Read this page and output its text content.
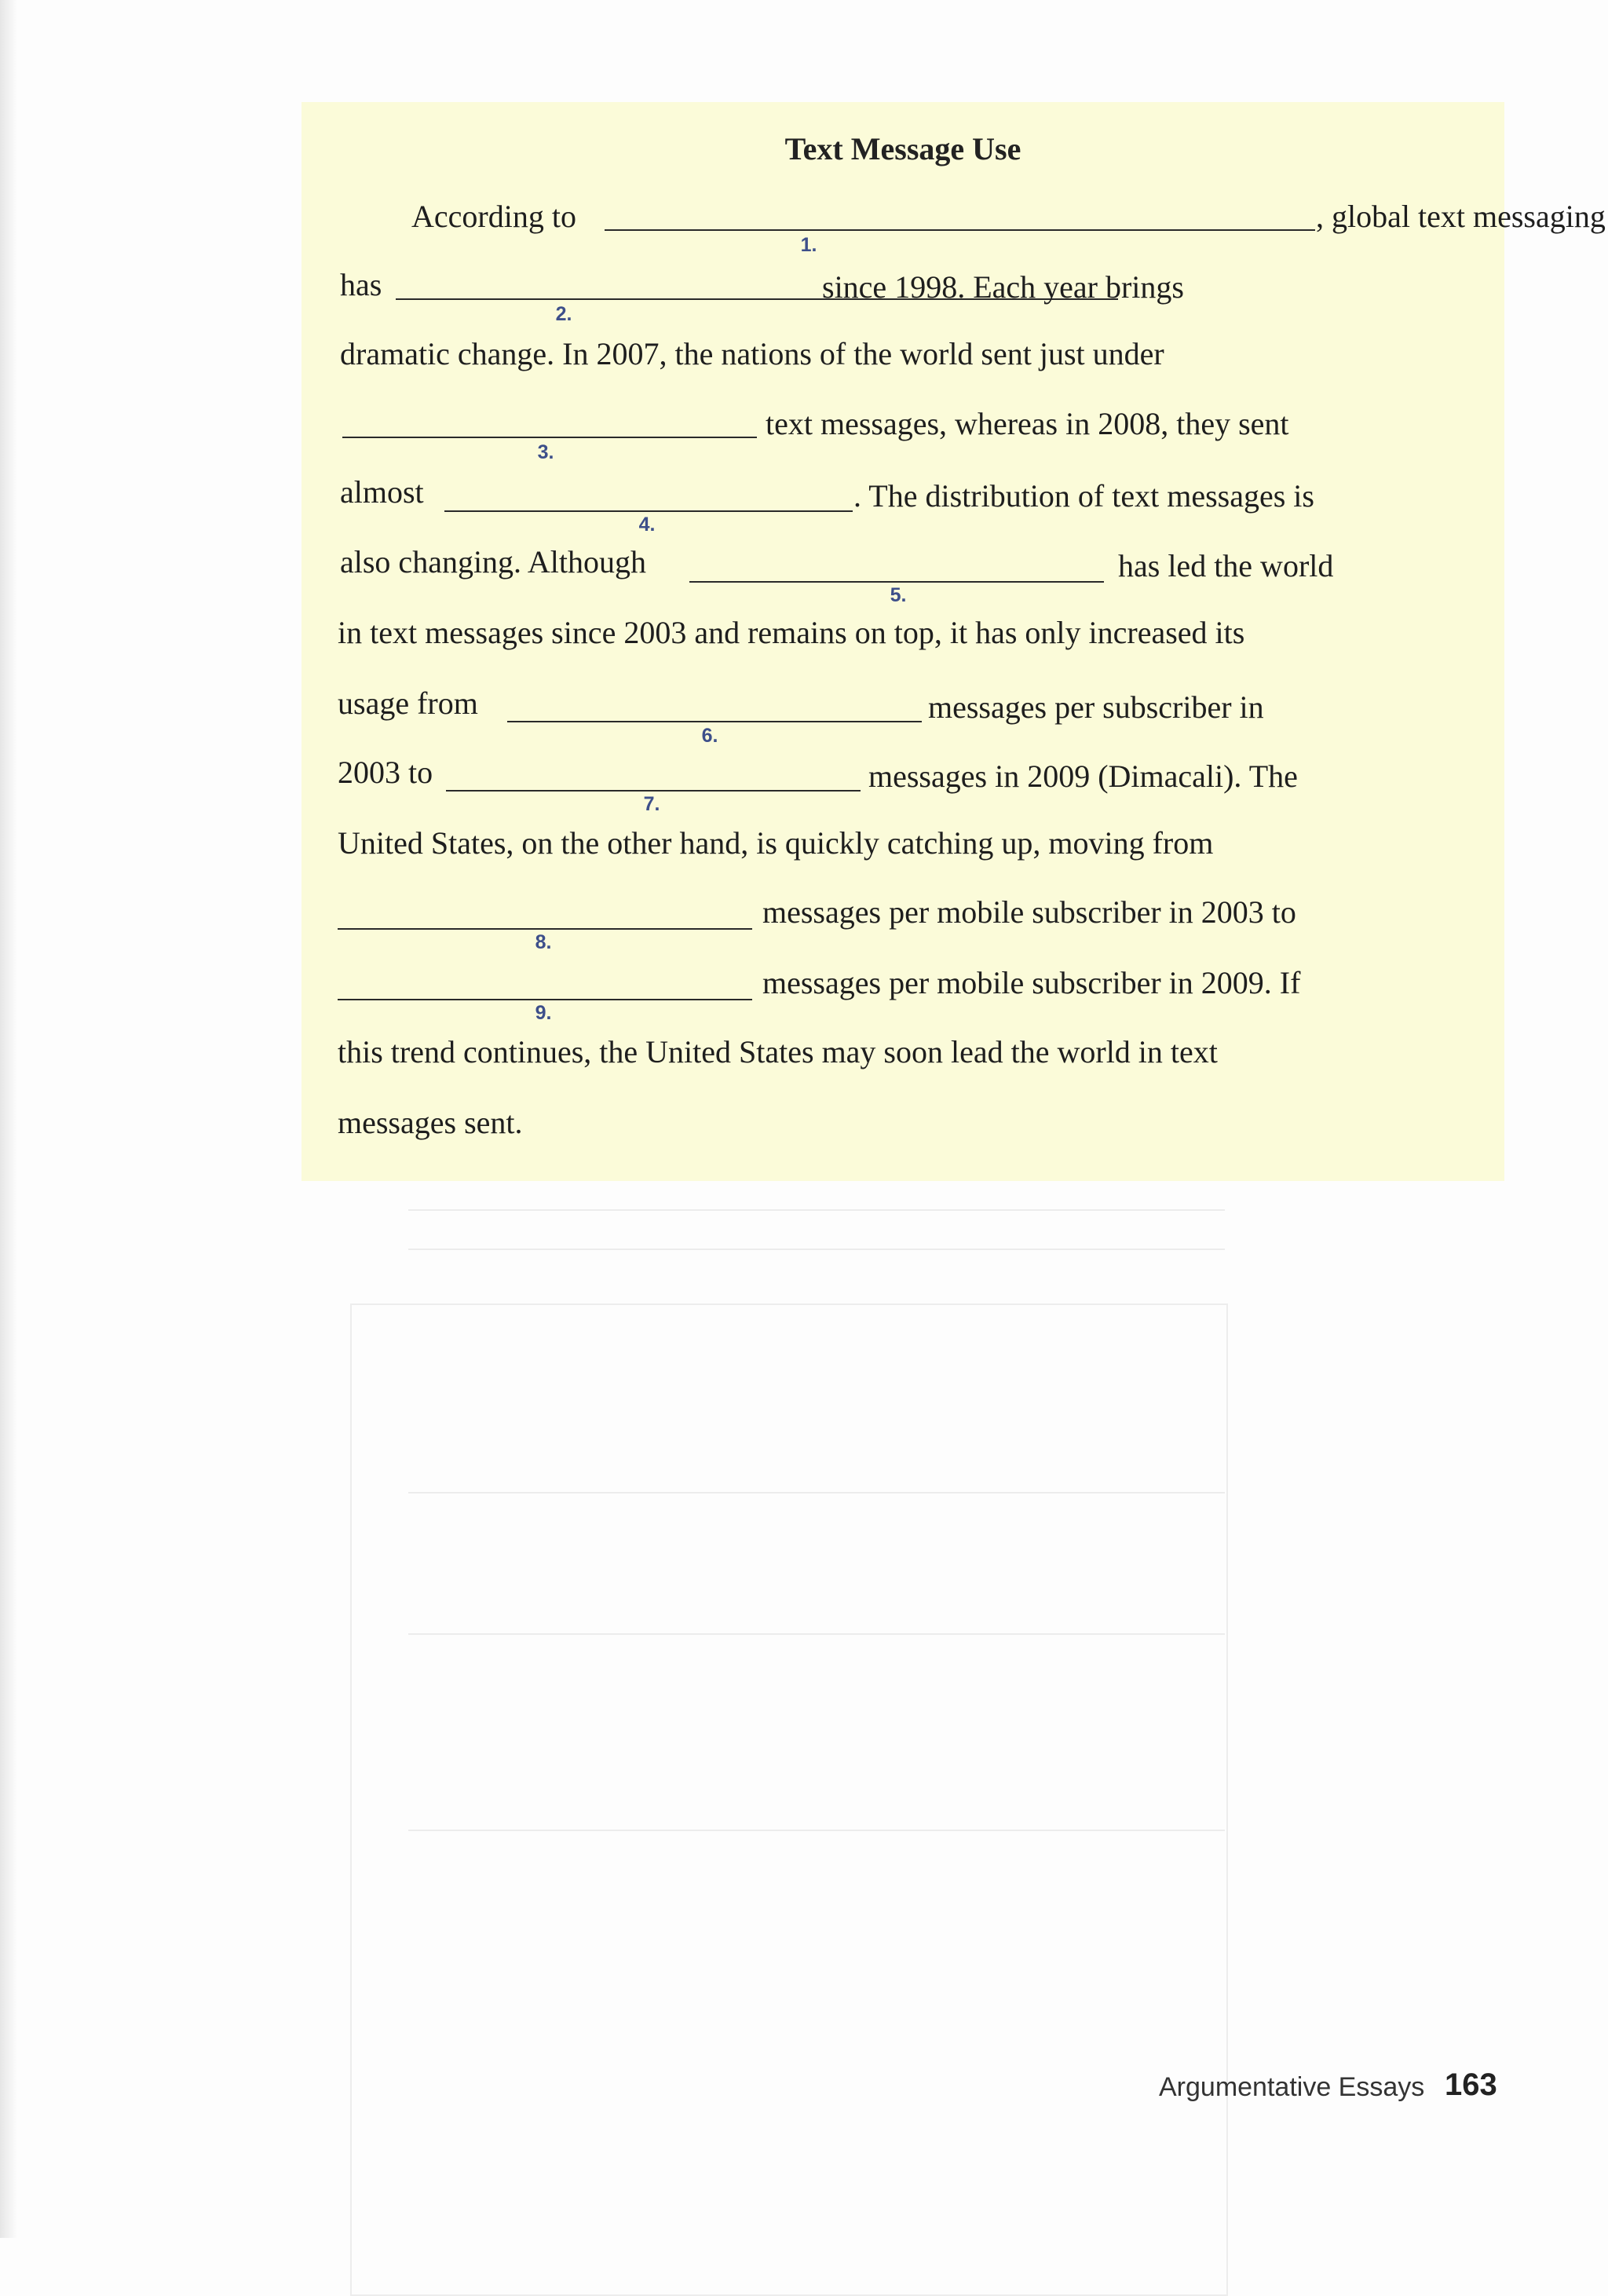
Text Message Use
According to
1.
, global text messaging
has
2.
since 1998. Each year brings
dramatic change. In 2007, the nations of the world sent just under
3.
text messages, whereas in 2008, they sent
almost
4.
. The distribution of text messages is
also changing. Although
5.
has led the world
in text messages since 2003 and remains on top, it has only increased its
usage from
6.
messages per subscriber in
2003 to
7.
messages in 2009 (Dimacali). The
United States, on the other hand, is quickly catching up, moving from
8.
messages per mobile subscriber in 2003 to
9.
messages per mobile subscriber in 2009. If
this trend continues, the United States may soon lead the world in text
messages sent.
Argumentative Essays 163
